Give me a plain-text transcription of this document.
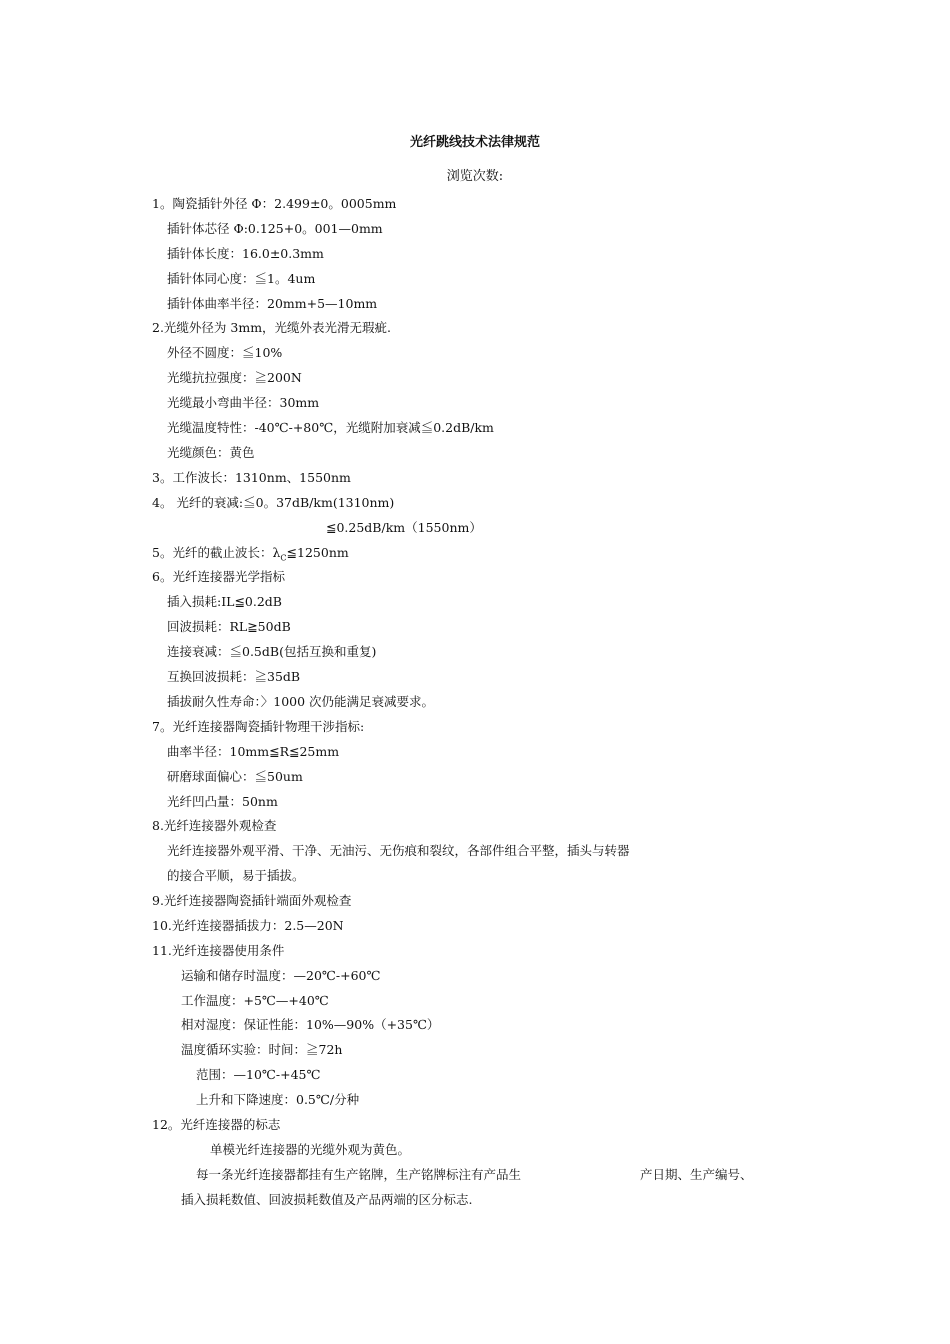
光纤跳线技术法律规范
浏览次数:
1。陶瓷插针外径 Φ：2.499±0。0005mm
插针体芯径 Φ:0.125+0。001—0mm
插针体长度：16.0±0.3mm
插针体同心度：≦1。4um
插针体曲率半径：20mm+5—10mm
2.光缆外径为 3mm，光缆外表光滑无瑕疵.
外径不圆度：≦10%
光缆抗拉强度：≧200N
光缆最小弯曲半径：30mm
光缆温度特性：-40℃-+80℃，光缆附加衰减≦0.2dB/km
光缆颜色：黄色
3。工作波长：1310nm、1550nm
4。 光纤的衰减:≦0。37dB/km(1310nm)
≦0.25dB/km（1550nm）
5。光纤的截止波长：$\lambda_C≦1250nm$
6。光纤连接器光学指标
插入损耗:IL≦0.2dB
回波损耗：RL≧50dB
连接衰减：≦0.5dB(包括互换和重复)
互换回波损耗：≧35dB
插拔耐久性寿命：〉1000 次仍能满足衰减要求。
7。光纤连接器陶瓷插针物理干涉指标:
曲率半径：10mm≦R≦25mm
研磨球面偏心：≦50um
光纤凹凸量：50nm
8.光纤连接器外观检查
光纤连接器外观平滑、干净、无油污、无伤痕和裂纹，各部件组合平整，插头与转器
的接合平顺，易于插拔。
9.光纤连接器陶瓷插针端面外观检查
10.光纤连接器插拔力：2.5—20N
11.光纤连接器使用条件
运输和储存时温度：—20℃-+60℃
工作温度：+5℃—+40℃
相对湿度：保证性能：10%—90%（+35℃）
温度循环实验：时间：≧72h
范围：—10℃-+45℃
上升和下降速度：0.5℃/分种
12。光纤连接器的标志
单模光纤连接器的光缆外观为黄色。
每一条光纤连接器都挂有生产铭牌，生产铭牌标注有产品生	产日期、生产编号、
插入损耗数值、回波损耗数值及产品两端的区分标志.
